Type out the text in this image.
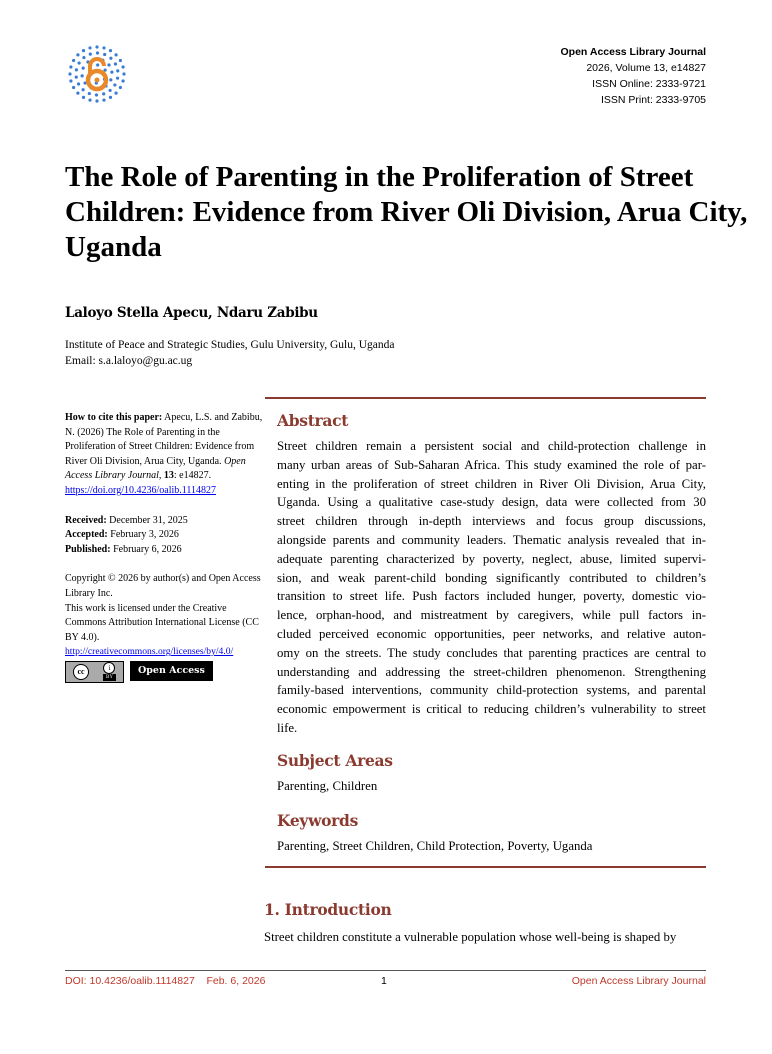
Open Access Library Journal
2026, Volume 13, e14827
ISSN Online: 2333-9721
ISSN Print: 2333-9705
The Role of Parenting in the Proliferation of Street Children: Evidence from River Oli Division, Arua City, Uganda
Laloyo Stella Apecu, Ndaru Zabibu
Institute of Peace and Strategic Studies, Gulu University, Gulu, Uganda
Email: s.a.laloyo@gu.ac.ug
How to cite this paper: Apecu, L.S. and Zabibu, N. (2026) The Role of Parenting in the Proliferation of Street Children: Evidence from River Oli Division, Arua City, Uganda. Open Access Library Journal, 13: e14827.
https://doi.org/10.4236/oalib.1114827
Received: December 31, 2025
Accepted: February 3, 2026
Published: February 6, 2026
Copyright © 2026 by author(s) and Open Access Library Inc.
This work is licensed under the Creative Commons Attribution International License (CC BY 4.0).
http://creativecommons.org/licenses/by/4.0/
cc	i
BY
Open Access
Abstract
Street children remain a persistent social and child-protection challenge in
many urban areas of Sub-Saharan Africa. This study examined the role of par-
enting in the proliferation of street children in River Oli Division, Arua City,
Uganda. Using a qualitative case-study design, data were collected from 30
street children through in-depth interviews and focus group discussions,
alongside parents and community leaders. Thematic analysis revealed that in-
adequate parenting characterized by poverty, neglect, abuse, limited supervi-
sion, and weak parent-child bonding significantly contributed to children’s
transition to street life. Push factors included hunger, poverty, domestic vio-
lence, orphan-hood, and mistreatment by caregivers, while pull factors in-
cluded perceived economic opportunities, peer networks, and relative auton-
omy on the streets. The study concludes that parenting practices are central to
understanding and addressing the street-children phenomenon. Strengthening
family-based interventions, community child-protection systems, and parental
economic empowerment is critical to reducing children’s vulnerability to street
life.
Subject Areas
Parenting, Children
Keywords
Parenting, Street Children, Child Protection, Poverty, Uganda
1. Introduction
Street children constitute a vulnerable population whose well-being is shaped by
DOI: 10.4236/oalib.1114827 Feb. 6, 2026	1	Open Access Library Journal
